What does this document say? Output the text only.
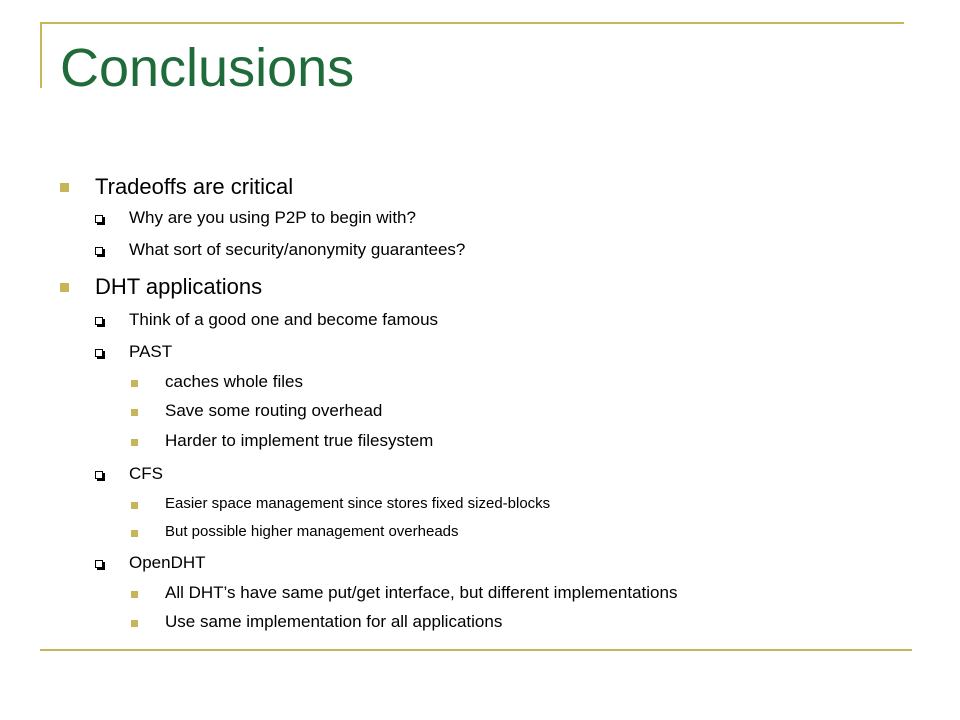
Conclusions
Tradeoffs are critical
Why are you using P2P to begin with?
What sort of security/anonymity guarantees?
DHT applications
Think of a good one and become famous
PAST
caches whole files
Save some routing overhead
Harder to implement true filesystem
CFS
Easier space management since stores fixed sized-blocks
But possible higher management overheads
OpenDHT
All DHT’s have same put/get interface, but different implementations
Use same implementation for all applications
